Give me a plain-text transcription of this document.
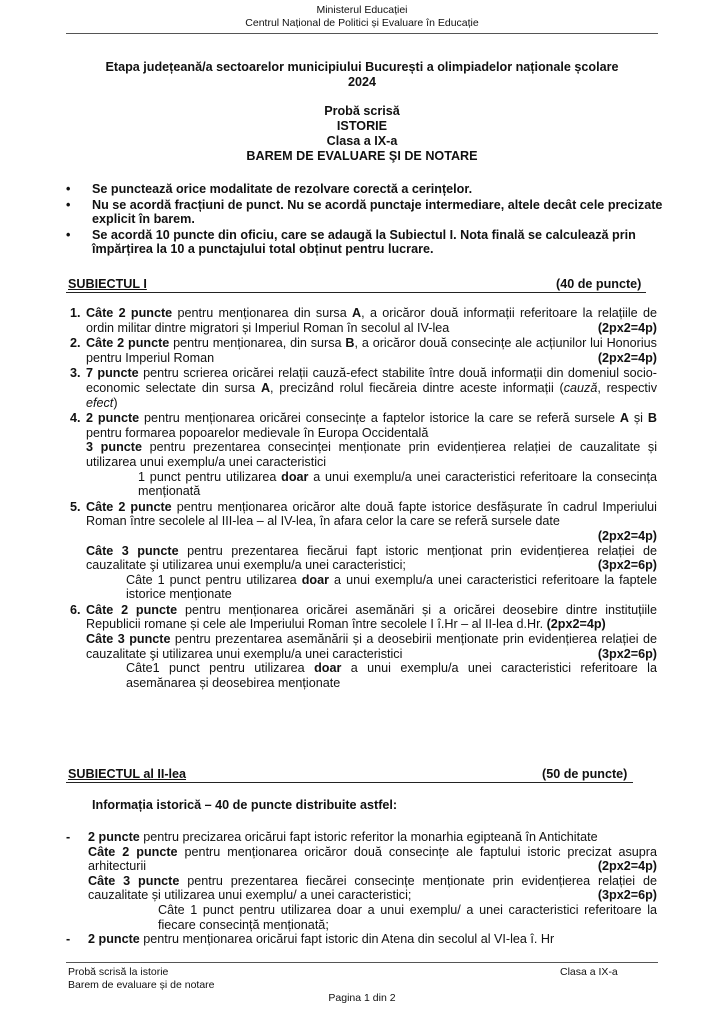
Ministerul Educației
Centrul Național de Politici și Evaluare în Educație
Etapa județeană/a sectoarelor municipiului București a olimpiadelor naționale școlare
2024
Probă scrisă
ISTORIE
Clasa a IX-a
BAREM DE EVALUARE ŞI DE NOTARE
• Se punctează orice modalitate de rezolvare corectă a cerințelor.
• Nu se acordă fracțiuni de punct. Nu se acordă punctaje intermediare, altele decât cele precizate explicit în barem.
• Se acordă 10 puncte din oficiu, care se adaugă la Subiectul I. Nota finală se calculează prin împărțirea la 10 a punctajului total obținut pentru lucrare.
SUBIECTUL I	(40 de puncte)
1. Câte 2 puncte pentru menționarea din sursa A, a oricăror două informații referitoare la relațiile de ordin militar dintre migratori și Imperiul Roman în secolul al IV-lea	(2px2=4p)
2. Câte 2 puncte pentru menționarea, din sursa B, a oricăror două consecințe ale acțiunilor lui Honorius pentru Imperiul Roman	(2px2=4p)
3. 7 puncte pentru scrierea oricărei relații cauză-efect stabilite între două informații din domeniul socio-economic selectate din sursa A, precizând rolul fiecăreia dintre aceste informații (cauză, respectiv efect)
4. 2 puncte pentru menționarea oricărei consecințe a faptelor istorice la care se referă sursele A și B pentru formarea popoarelor medievale în Europa Occidentală
3 puncte pentru prezentarea consecinței menționate prin evidențierea relației de cauzalitate și utilizarea unui exemplu/a unei caracteristici
1 punct pentru utilizarea doar a unui exemplu/a unei caracteristici referitoare la consecința menționată
5. Câte 2 puncte pentru menționarea oricăror alte două fapte istorice desfășurate în cadrul Imperiului Roman între secolele al III-lea – al IV-lea, în afara celor la care se referă sursele date
(2px2=4p)
Câte 3 puncte pentru prezentarea fiecărui fapt istoric menționat prin evidențierea relației de cauzalitate şi utilizarea unui exemplu/a unei caracteristici;	(3px2=6p)
Câte 1 punct pentru utilizarea doar a unui exemplu/a unei caracteristici referitoare la faptele istorice menționate
6. Câte 2 puncte pentru menționarea oricărei asemănări și a oricărei deosebire dintre instituțiile Republicii romane și cele ale Imperiului Roman între secolele I î.Hr – al II-lea d.Hr. (2px2=4p)
Câte 3 puncte pentru prezentarea asemănării și a deosebirii menționate prin evidențierea relației de cauzalitate şi utilizarea unui exemplu/a unei caracteristici	(3px2=6p)
Câte1 punct pentru utilizarea doar a unui exemplu/a unei caracteristici referitoare la asemănarea și deosebirea menționate
SUBIECTUL al II-lea	(50 de puncte)
Informația istorică – 40 de puncte distribuite astfel:
- 2 puncte pentru precizarea oricărui fapt istoric referitor la monarhia egipteană în Antichitate
Câte 2 puncte pentru menționarea oricăror două consecințe ale faptului istoric precizat asupra arhitecturii	(2px2=4p)
Câte 3 puncte pentru prezentarea fiecărei consecințe menționate prin evidențierea relației de cauzalitate și utilizarea unui exemplu/ a unei caracteristici;	(3px2=6p)
Câte 1 punct pentru utilizarea doar a unui exemplu/ a unei caracteristici referitoare la fiecare consecință menționată;
- 2 puncte pentru menționarea oricărui fapt istoric din Atena din secolul al VI-lea î. Hr
Probă scrisă la istorie
Barem de evaluare și de notare
Clasa a IX-a
Pagina 1 din 2
